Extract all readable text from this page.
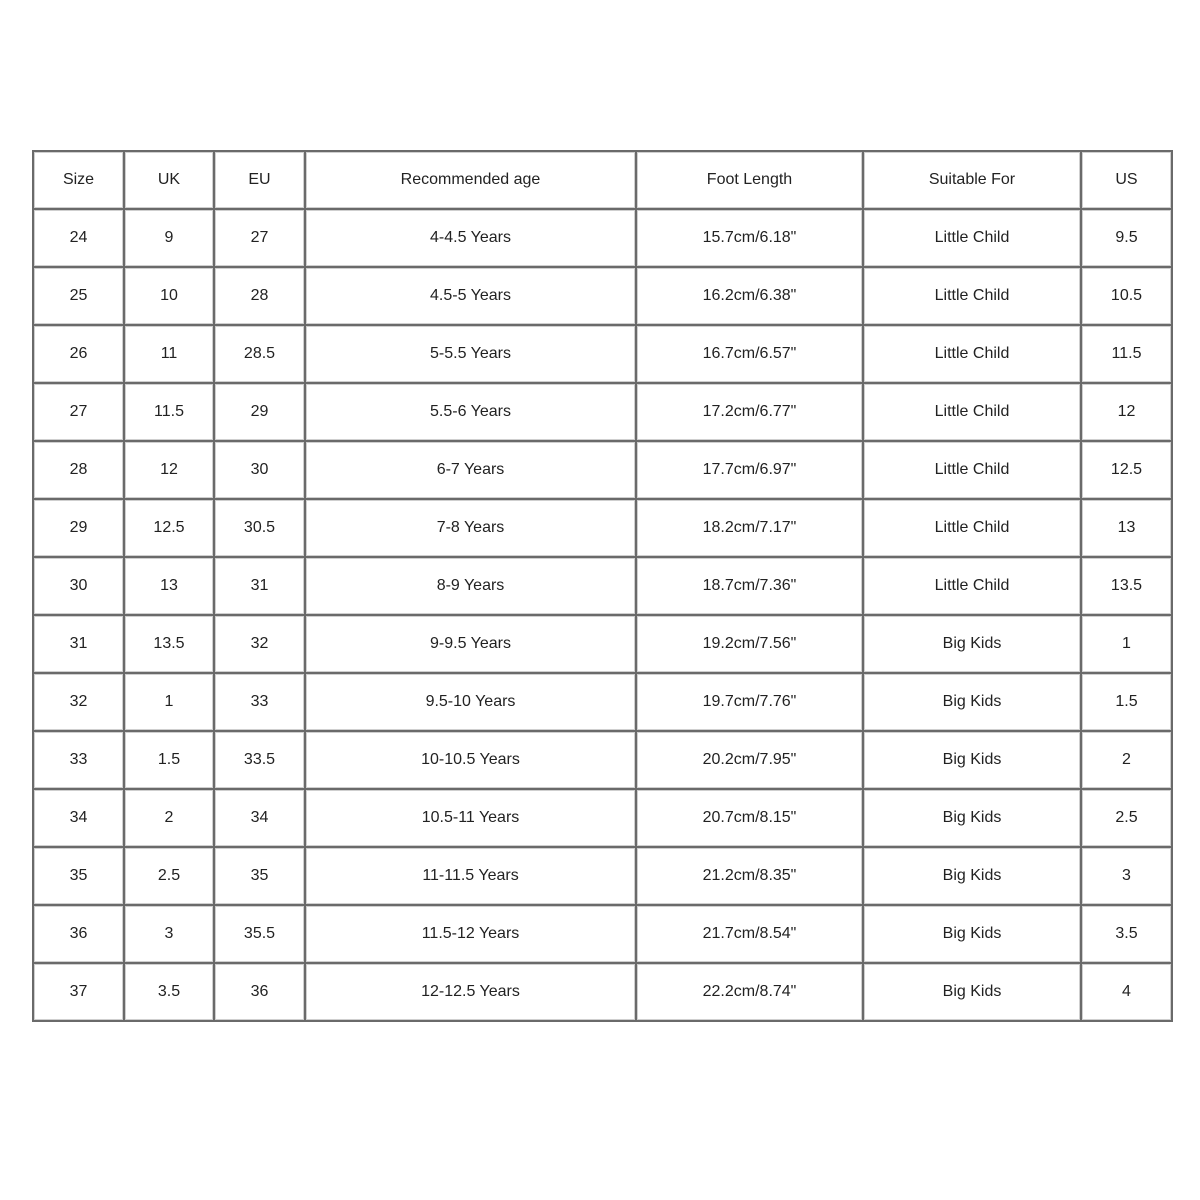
Size	UK	EU	Recommended age	Foot Length	Suitable For	US
24	9	27	4-4.5 Years	15.7cm/6.18"	Little Child	9.5
25	10	28	4.5-5 Years	16.2cm/6.38"	Little Child	10.5
26	11	28.5	5-5.5 Years	16.7cm/6.57"	Little Child	11.5
27	11.5	29	5.5-6 Years	17.2cm/6.77"	Little Child	12
28	12	30	6-7 Years	17.7cm/6.97"	Little Child	12.5
29	12.5	30.5	7-8 Years	18.2cm/7.17"	Little Child	13
30	13	31	8-9 Years	18.7cm/7.36"	Little Child	13.5
31	13.5	32	9-9.5 Years	19.2cm/7.56"	Big Kids	1
32	1	33	9.5-10 Years	19.7cm/7.76"	Big Kids	1.5
33	1.5	33.5	10-10.5 Years	20.2cm/7.95"	Big Kids	2
34	2	34	10.5-11 Years	20.7cm/8.15"	Big Kids	2.5
35	2.5	35	11-11.5 Years	21.2cm/8.35"	Big Kids	3
36	3	35.5	11.5-12 Years	21.7cm/8.54"	Big Kids	3.5
37	3.5	36	12-12.5 Years	22.2cm/8.74"	Big Kids	4
